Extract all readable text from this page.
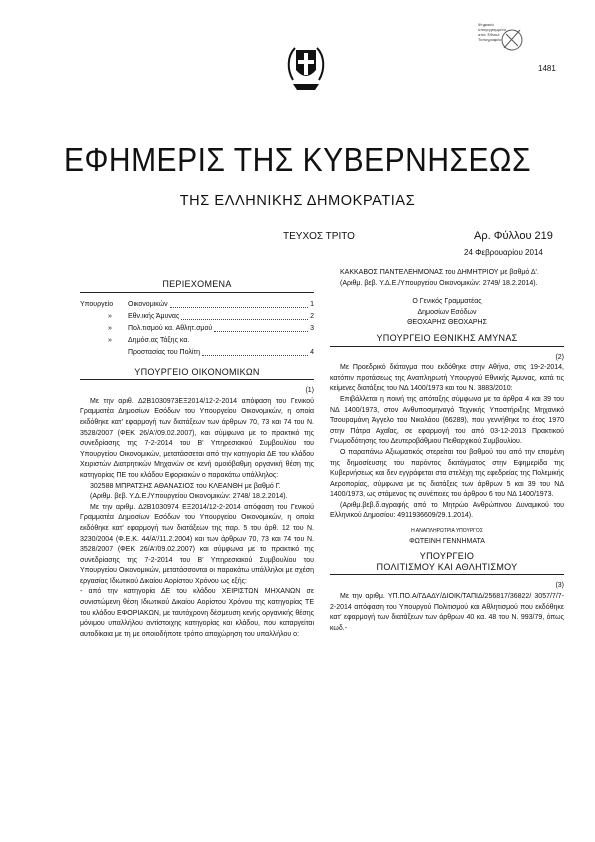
Ψηφιακά υπογεγραμμένο από: Εθνικό Τυπογραφείο
1481
ΕΦΗΜΕΡΙΣ ΤΗΣ ΚΥΒΕΡΝΗΣΕΩΣ
ΤΗΣ ΕΛΛΗΝΙΚΗΣ ΔΗΜΟΚΡΑΤΙΑΣ
ΤΕΥΧΟΣ ΤΡΙΤΟ	Αρ. Φύλλου 219
24 Φεβρουαρίου 2014
ΠΕΡΙΕΧΟΜΕΝΑ
Υπουργείο	Οικονομικών	1
»	Εθν.ικής Άμυνας	2
»	Πολ.τισμού κα. Αθλητ.σμού	3
»	Δημόσ.ας Τάξης κα.
Προστασίας του Πολίτη	4
ΥΠΟΥΡΓΕΙΟ ΟΙΚΟΝΟΜΙΚΩΝ

(1)

Με την αριθ. Δ2Β1030973ΕΞ2014/12-2-2014 απόφαση του Γενικού Γραμματέα Δημοσίων Εσόδων του Υπουργείου Οικονομικών, η οποία εκδόθηκε κατ' εφαρμογή των διατάξεων των άρθρων 70, 73 και 74 του Ν. 3528/2007 (ΦΕΚ 26/Α'/09.02.2007), και σύμφωνα με το πρακτικό της συνεδρίασης της 7-2-2014 του Β' Υπηρεσιακού Συμβουλίου του Υπουργείου Οικονομικών, μετατάσσεται από την κατηγορία ΔΕ του κλάδου Χειριστών Διατρητικών Μηχανών σε κενή ομοιόβαθμη οργανική θέση της κατηγορίας ΠΕ του κλάδου Εφοριακών ο παρακάτω υπάλληλος:

302588 ΜΠΡΑΤΣΗΣ ΑΘΑΝΑΣΙΟΣ του ΚΛΕΑΝΘΗ με βαθμό Γ.

(Αριθμ. βεβ. Υ.Δ.Ε./Υπουργείου Οικονομικών: 2748/ 18.2.2014).

Με την αριθμ. Δ2Β1030974 ΕΞ2014/12-2-2014 απόφαση του Γενικού Γραμματέα Δημοσίων Εσόδων του Υπουργείου Οικονομικών, η οποία εκδόθηκε κατ' εφαρμογή των διατάξεων της παρ. 5 του άρθ. 12 του Ν. 3230/2004 (Φ.Ε.Κ. 44/Α'/11.2.2004) και των άρθρων 70, 73 και 74 του Ν. 3528/2007 (ΦΕΚ 26/Α'/09.02.2007) και σύμφωνα με το πρακτικό της συνεδρίασης της 7-2-2014 του Β' Υπηρεσιακού Συμβουλίου του Υπουργείου Οικονομικών, μετατάσσονται οι παρακάτω υπάλληλοι με σχέση εργασίας Ιδιωτικού Δικαίου Αορίστου Χρόνου ως εξής:

- από την κατηγορία ΔΕ του κλάδου ΧΕΙΡΙΣΤΩΝ ΜΗΧΑΝΩΝ σε συνιστώμενη θέση Ιδιωτικού Δικαίου Αορίστου Χρόνου της κατηγορίας ΤΕ του κλάδου ΕΦΟΡΙΑΚΩΝ, με ταυτόχρονη δέσμευση κενής οργανικής θέσης μόνιμου υπαλλήλου αντίστοιχης κατηγορίας και κλάδου, που καταργείται αυτοδίκαια με τη με οποιοδήποτε τρόπο αποχώρηση του υπαλλήλου ο:

ΚΑΚΚΑΒΟΣ ΠΑΝΤΕΛΕΗΜΟΝΑΣ του ΔΗΜΗΤΡΙΟΥ με βαθμό Δ'.

(Αριθμ. βεβ. Υ.Δ.Ε./Υπουργείου Οικονομικών: 2749/ 18.2.2014).

Ο Γενικός Γραμματέας

Δημοσίων Εσόδων

ΘΕΟΧΑΡΗΣ ΘΕΟΧΑΡΗΣ

ΥΠΟΥΡΓΕΙΟ ΕΘΝΙΚΗΣ ΑΜΥΝΑΣ

(2)

Με Προεδρικό διάταγμα που εκδόθηκε στην Αθήνα, στις 19-2-2014, κατόπιν προτάσεως της Αναπληρωτή Υπουργού Εθνικής Άμυνας, κατά τις κείμενες διατάξεις του ΝΔ 1400/1973 και του Ν. 3883/2010:

Επιβάλλεται η ποινή της απόταξης σύμφωνα με τα άρθρα 4 και 39 του ΝΔ 1400/1973, στον Ανθυποσμηναγό Τεχνικής Υποστήριξης Μηχανικό Τσουραμάνη Άγγελο του Νικολάου (66289), που γεννήθηκε το έτος 1970 στην Πάτρα Αχαΐας, σε εφαρμογή του από 03-12-2013 Πρακτικού Γνωμοδότησης του Δευτεροβάθμιου Πειθαρχικού Συμβουλίου.

Ο παραπάνω Αξιωματικός στερείται του βαθμού του από την επομένη της δημοσίευσης του παρόντος διατάγματος στην Εφημερίδα της Κυβερνήσεως και δεν εγγράφεται στα στελέχη της εφεδρείας της Πολεμικής Αεροπορίας, σύμφωνα με τις διατάξεις των άρθρων 5 και 39 του ΝΔ 1400/1973, ως στάμενος τις συνέπειες του άρθρου 6 του ΝΔ 1400/1973.

(Αριθμ.βεβ.δ.αγραφής από το Μητρώο Ανθρώπινου Δυναμικού του Ελληνικού Δημοσίου: 4911936609/29.1.2014).

Η ΑΝΑΠΛΗΡΩΤΡΙΑ ΥΠΟΥΡΓΟΣ

ΦΩΤΕΙΝΗ ΓΕΝΝΗΜΑΤΑ

ΥΠΟΥΡΓΕΙΟ
ΠΟΛΙΤΙΣΜΟΥ ΚΑΙ ΑΘΛΗΤΙΣΜΟΥ

(3)

Με την αριθμ. ΥΠ.ΠΟ.Α/ΓΔΑΔΥ/ΔΙΟΙΚ/ΤΑΠΙΔ/256817/36822/ 3057/7/7-2-2014 απόφαση του Υπουργού Πολιτισμού και Αθλητισμού που εκδόθηκε κατ' εφαρμογή των διατάξεων των άρθρων 40 κα. 48 του Ν. 993/79, όπως κωδ.-
